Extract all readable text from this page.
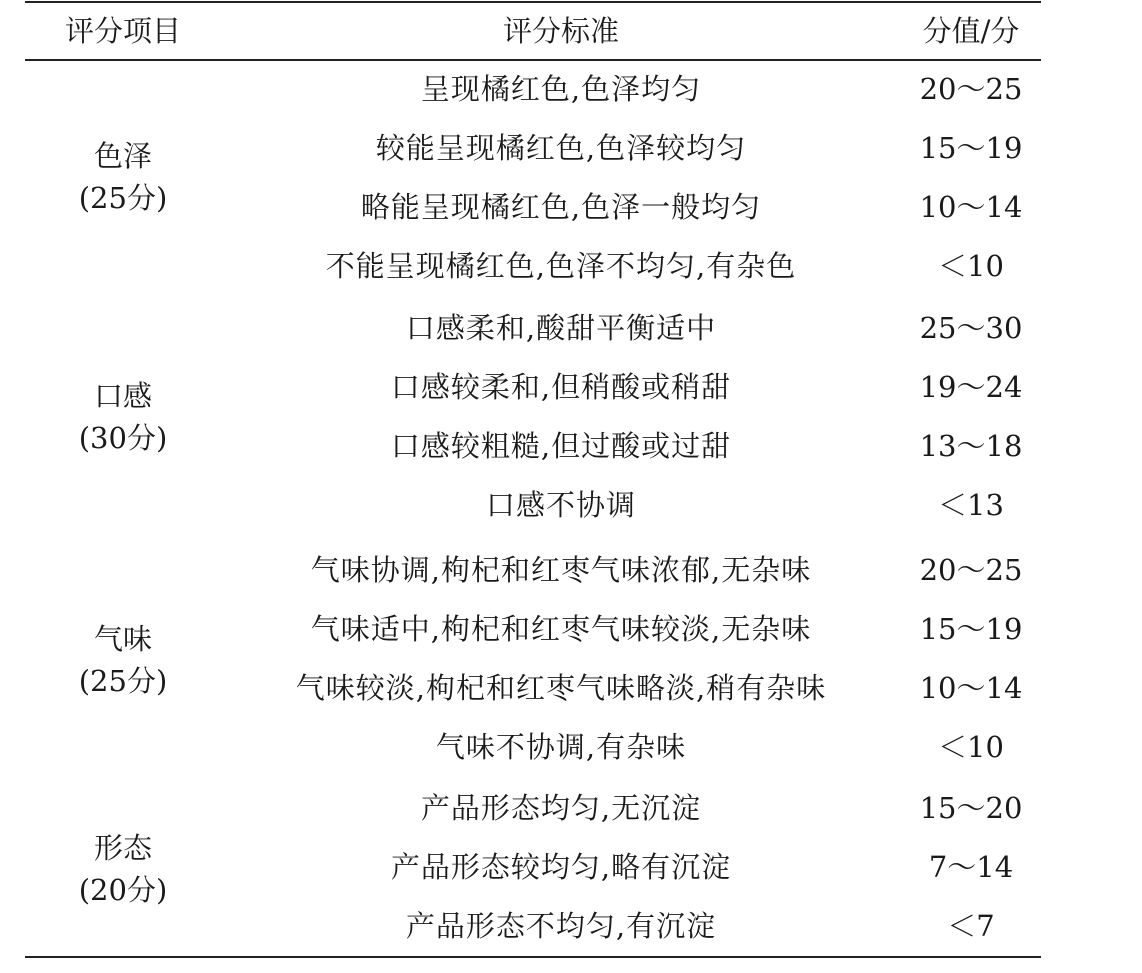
评分项目	评分标准	分值/分
色泽
(25分)
呈现橘红色,色泽均匀	20～25
较能呈现橘红色,色泽较均匀	15～19
略能呈现橘红色,色泽一般均匀	10～14
不能呈现橘红色,色泽不均匀,有杂色	＜10
口感
(30分)
口感柔和,酸甜平衡适中	25～30
口感较柔和,但稍酸或稍甜	19～24
口感较粗糙,但过酸或过甜	13～18
口感不协调	＜13
气味
(25分)
气味协调,枸杞和红枣气味浓郁,无杂味	20～25
气味适中,枸杞和红枣气味较淡,无杂味	15～19
气味较淡,枸杞和红枣气味略淡,稍有杂味	10～14
气味不协调,有杂味	＜10
形态
(20分)
产品形态均匀,无沉淀	15～20
产品形态较均匀,略有沉淀	7～14
产品形态不均匀,有沉淀	＜7
